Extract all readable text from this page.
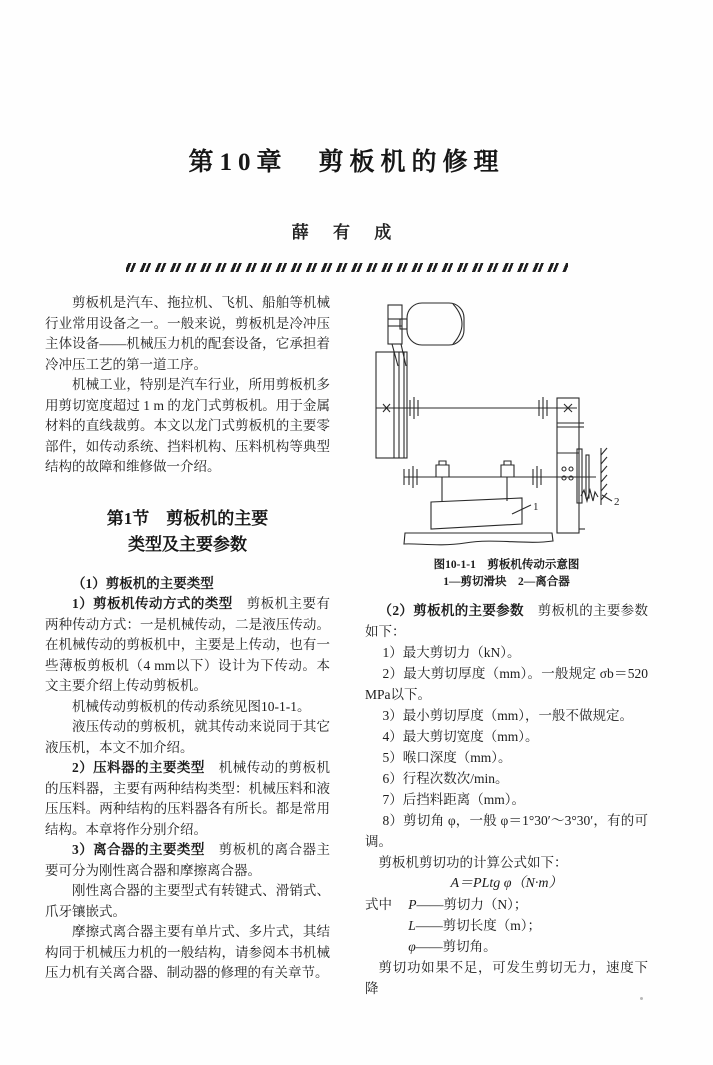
第10章　剪板机的修理
薛 有 成

剪板机是汽车、拖拉机、飞机、船舶等机械行业常用设备之一。一般来说，剪板机是冷冲压主体设备——机械压力机的配套设备，它承担着冷冲压工艺的第一道工序。

机械工业，特别是汽车行业，所用剪板机多用剪切宽度超过 1 m 的龙门式剪板机。用于金属材料的直线裁剪。本文以龙门式剪板机的主要零部件，如传动系统、挡料机构、压料机构等典型结构的故障和维修做一介绍。

第1节　剪板机的主要
类型及主要参数

（1）剪板机的主要类型

1）剪板机传动方式的类型　剪板机主要有两种传动方式：一是机械传动，二是液压传动。在机械传动的剪板机中，主要是上传动，也有一些薄板剪板机（4 mm以下）设计为下传动。本文主要介绍上传动剪板机。

机械传动剪板机的传动系统见图10-1-1。

液压传动的剪板机，就其传动来说同于其它液压机，本文不加介绍。

2）压料器的主要类型　机械传动的剪板机的压料器，主要有两种结构类型：机械压料和液压压料。两种结构的压料器各有所长。都是常用结构。本章将作分别介绍。

3）离合器的主要类型　剪板机的离合器主要可分为刚性离合器和摩擦离合器。

刚性离合器的主要型式有转键式、滑销式、爪牙镶嵌式。

摩擦式离合器主要有单片式、多片式，其结构同于机械压力机的一般结构，请参阅本书机械压力机有关离合器、制动器的修理的有关章节。

1	2

图10-1-1　剪板机传动示意图

1—剪切滑块　2—离合器

（2）剪板机的主要参数　剪板机的主要参数如下：

1）最大剪切力（kN）。

2）最大剪切厚度（mm）。一般规定 σb＝520 MPa以下。

3）最小剪切厚度（mm），一般不做规定。

4）最大剪切宽度（mm）。

5）喉口深度（mm）。

6）行程次数次/min。

7）后挡料距离（mm）。

8）剪切角 φ，一般 φ＝1°30′～3°30′，有的可调。

剪板机剪切功的计算公式如下：

A＝PLtg φ（N·m）

式中 P——剪切力（N）；

L——剪切长度（m）；

φ——剪切角。

剪切功如果不足，可发生剪切无力，速度下降
